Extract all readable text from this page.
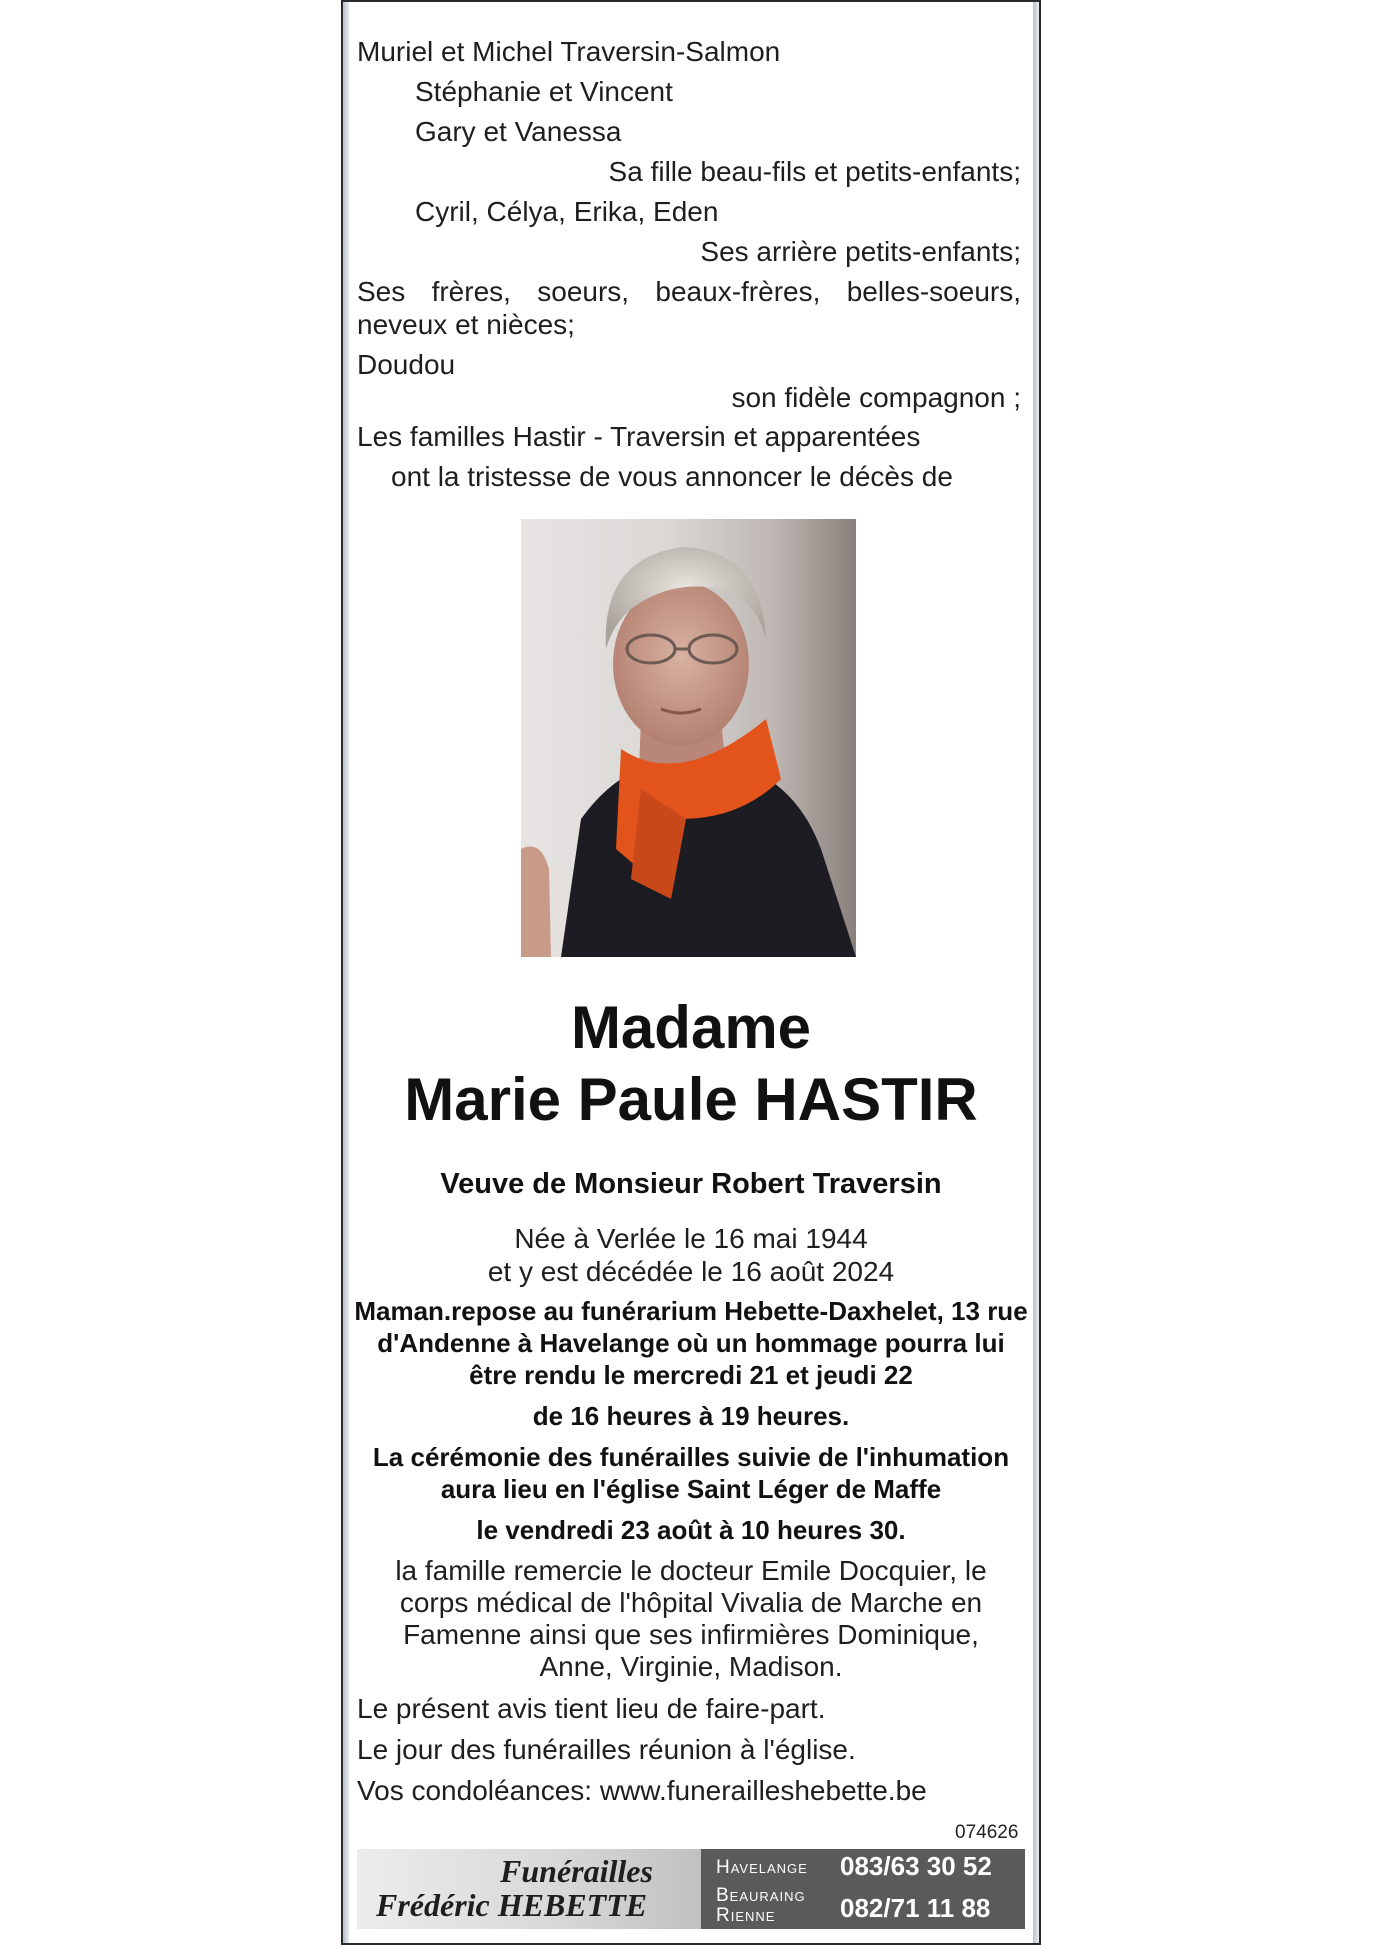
Muriel et Michel Traversin-Salmon
Stéphanie et Vincent
Gary et Vanessa
Sa fille beau-fils et petits-enfants;
Cyril, Célya, Erika, Eden
Ses arrière petits-enfants;
Ses frères, soeurs, beaux-frères, belles-soeurs,
neveux et nièces;
Doudou
son fidèle compagnon ;
Les familles Hastir - Traversin et apparentées
ont la tristesse de vous annoncer le décès de
Madame
Marie Paule HASTIR
Veuve de Monsieur Robert Traversin
Née à Verlée le 16 mai 1944
et y est décédée le 16 août 2024
Maman.repose au funérarium Hebette-Daxhelet, 13 rue
d'Andenne à Havelange où un hommage pourra lui
être rendu le mercredi 21 et jeudi 22
de 16 heures à 19 heures.
La cérémonie des funérailles suivie de l'inhumation
aura lieu en l'église Saint Léger de Maffe
le vendredi 23 août à 10 heures 30.
la famille remercie le docteur Emile Docquier, le
corps médical de l'hôpital Vivalia de Marche en
Famenne ainsi que ses infirmières Dominique,
Anne, Virginie, Madison.
Le présent avis tient lieu de faire-part.
Le jour des funérailles réunion à l'église.
Vos condoléances: www.funerailleshebette.be
074626
Funérailles
Frédéric HEBETTE
Havelange 083/63 30 52
Beauraing
Rienne 082/71 11 88
